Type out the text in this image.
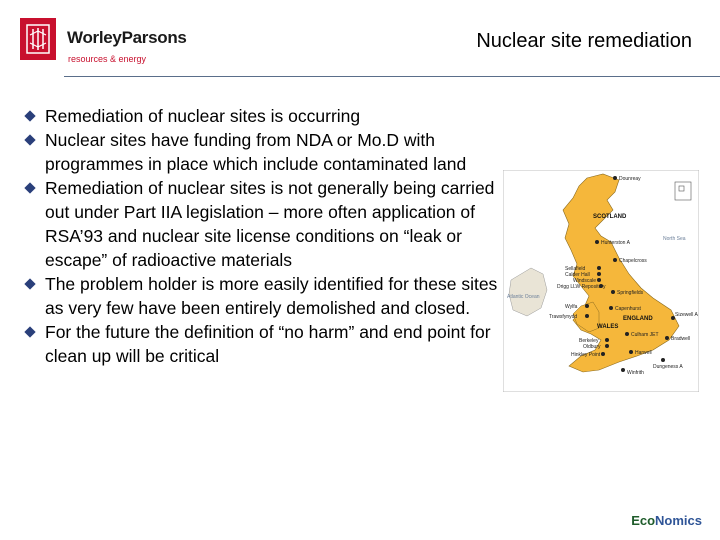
WorleyParsons
resources & energy
Nuclear site remediation
Remediation of nuclear sites is occurring
Nuclear sites have funding from NDA or Mo.D with programmes in place which include contaminated land
Remediation of nuclear sites is not generally being carried out under Part IIA legislation – more often application of RSA’93 and nuclear site license conditions on “leak or escape” of radioactive materials
The problem holder is more easily identified for these sites as very few have been entirely demolished and closed.
For the future the definition of “no harm” and end point for clean up will be critical
North Sea
Atlantic Ocean
SCOTLAND
ENGLAND
WALES
Dounreay
Hunterston A
Chapelcross
Sellafield
Calder Hall
Windscale
Drigg LLW Repository
Springfields
Wylfa
Trawsfynydd
Capenhurst
Berkeley
Oldbury
Culham JET
Hinkley Point	Harwell
Bradwell
Sizewell A
Dungeness A
Winfrith
EcoNomics
